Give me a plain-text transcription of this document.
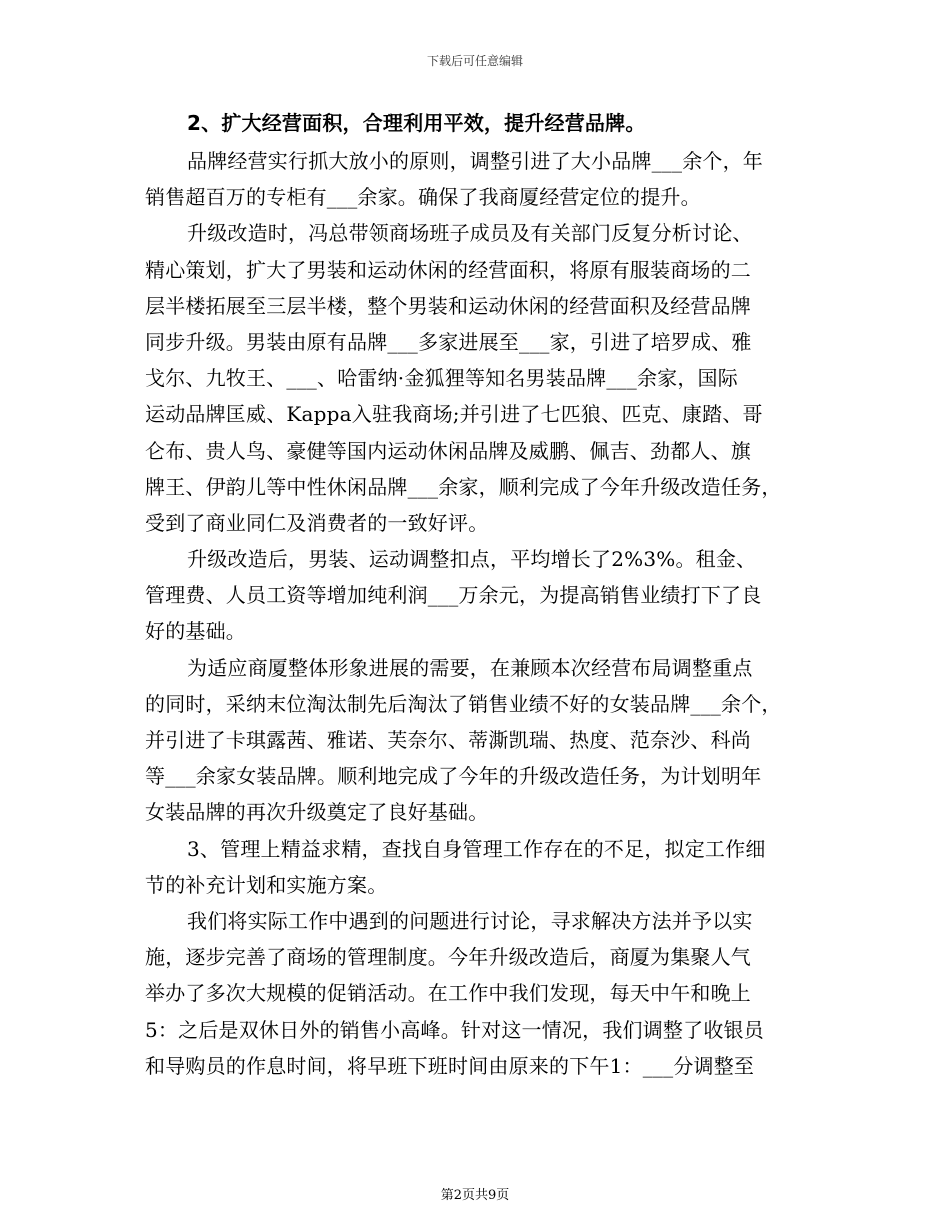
下载后可任意编辑
2、扩大经营面积，合理利用平效，提升经营品牌。
品牌经营实行抓大放小的原则，调整引进了大小品牌___余个，年
销售超百万的专柜有___余家。确保了我商厦经营定位的提升。
升级改造时，冯总带领商场班子成员及有关部门反复分析讨论、
精心策划，扩大了男装和运动休闲的经营面积，将原有服装商场的二
层半楼拓展至三层半楼，整个男装和运动休闲的经营面积及经营品牌
同步升级。男装由原有品牌___多家进展至___家，引进了培罗成、雅
戈尔、九牧王、___、哈雷纳·金狐狸等知名男装品牌___余家，国际
运动品牌匡威、Kappa入驻我商场;并引进了七匹狼、匹克、康踏、哥
仑布、贵人鸟、豪健等国内运动休闲品牌及威鹏、佩吉、劲都人、旗
牌王、伊韵儿等中性休闲品牌___余家，顺利完成了今年升级改造任务，
受到了商业同仁及消费者的一致好评。
升级改造后，男装、运动调整扣点，平均增长了2%3%。租金、
管理费、人员工资等增加纯利润___万余元，为提高销售业绩打下了良
好的基础。
为适应商厦整体形象进展的需要，在兼顾本次经营布局调整重点
的同时，采纳末位淘汰制先后淘汰了销售业绩不好的女装品牌___余个，
并引进了卡琪露茜、雅诺、芙奈尔、蒂澌凯瑞、热度、范奈沙、科尚
等___余家女装品牌。顺利地完成了今年的升级改造任务，为计划明年
女装品牌的再次升级奠定了良好基础。
3、管理上精益求精，查找自身管理工作存在的不足，拟定工作细
节的补充计划和实施方案。
我们将实际工作中遇到的问题进行讨论，寻求解决方法并予以实
施，逐步完善了商场的管理制度。今年升级改造后，商厦为集聚人气
举办了多次大规模的促销活动。在工作中我们发现，每天中午和晚上
5：之后是双休日外的销售小高峰。针对这一情况，我们调整了收银员
和导购员的作息时间，将早班下班时间由原来的下午1：___分调整至
第2页共9页
